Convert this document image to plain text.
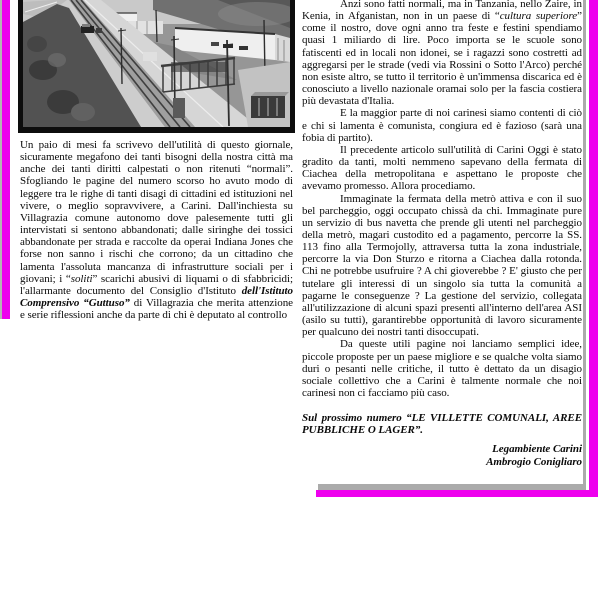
Un paio di mesi fa scrivevo dell'utilità di questo giornale, sicuramente megafono dei tanti bisogni della nostra città ma anche dei tanti diritti calpestati o non ritenuti “normali”. Sfogliando le pagine del numero scorso ho avuto modo di leggere tra le righe di tanti disagi di cittadini ed istituzioni nel vivere, o meglio sopravvivere, a Carini. Dall'inchiesta su Villagrazia comune autonomo dove palesemente tutti gli intervistati si sentono abbandonati; dalle siringhe dei tossici abbandonate per strada e raccolte da operai Indiana Jones che forse non sanno i rischi che corrono; da un cittadino che lamenta l'assoluta mancanza di infrastrutture sociali per i giovani; i “soliti” scarichi abusivi di liquami o di sfabbricidi; l'allarmante documento del Consiglio d'Istituto dell'Istituto Comprensivo “Guttuso” di Villagrazia che merita attenzione e serie riflessioni anche da parte di chi è deputato al controllo

Anzi sono fatti normali, ma in Tanzania, nello Zaire, in Kenia, in Afganistan, non in un paese di “cultura superiore” come il nostro, dove ogni anno tra feste e festini spendiamo quasi 1 miliardo di lire. Poco importa se le scuole sono fatiscenti ed in locali non idonei, se i ragazzi sono costretti ad aggregarsi per le strade (vedi via Rossini o Sotto l'Arco) perché non esiste altro, se tutto il territorio è un'immensa discarica ed è conosciuto a livello nazionale oramai solo per la fascia costiera più devastata d'Italia.

E la maggior parte di noi carinesi siamo contenti di ciò e chi si lamenta è comunista, congiura ed è fazioso (sarà una fobia di partito).

Il precedente articolo sull'utilità di Carini Oggi è stato gradito da tanti, molti nemmeno sapevano della fermata di Ciachea della metropolitana e aspettano le proposte che avevamo promesso. Allora procediamo.

Immaginate la fermata della metrò attiva e con il suo bel parcheggio, oggi occupato chissà da chi. Immaginate pure un servizio di bus navetta che prende gli utenti nel parcheggio della metrò, magari custodito ed a pagamento, percorre la SS. 113 fino alla Termojolly, attraversa tutta la zona industriale, percorre la via Don Sturzo e ritorna a Ciachea dalla rotonda. Chi ne potrebbe usufruire ? A chi gioverebbe ? E' giusto che per tutelare gli interessi di un singolo sia tutta la comunità a pagarne le conseguenze ? La gestione del servizio, collegata all'utilizzazione di alcuni spazi presenti all'interno dell'area ASI (asilo su tutti), garantirebbe opportunità di lavoro sicuramente per qualcuno dei nostri tanti disoccupati.

Da queste utili pagine noi lanciamo semplici idee, piccole proposte per un paese migliore e se qualche volta siamo duri o pesanti nelle critiche, il tutto è dettato da un disagio sociale collettivo che a Carini è talmente normale che noi carinesi non ci facciamo più caso.

Sul prossimo numero “LE VILLETTE COMUNALI, AREE PUBBLICHE O LAGER”.

Legambiente Carini
Ambrogio Conigliaro
